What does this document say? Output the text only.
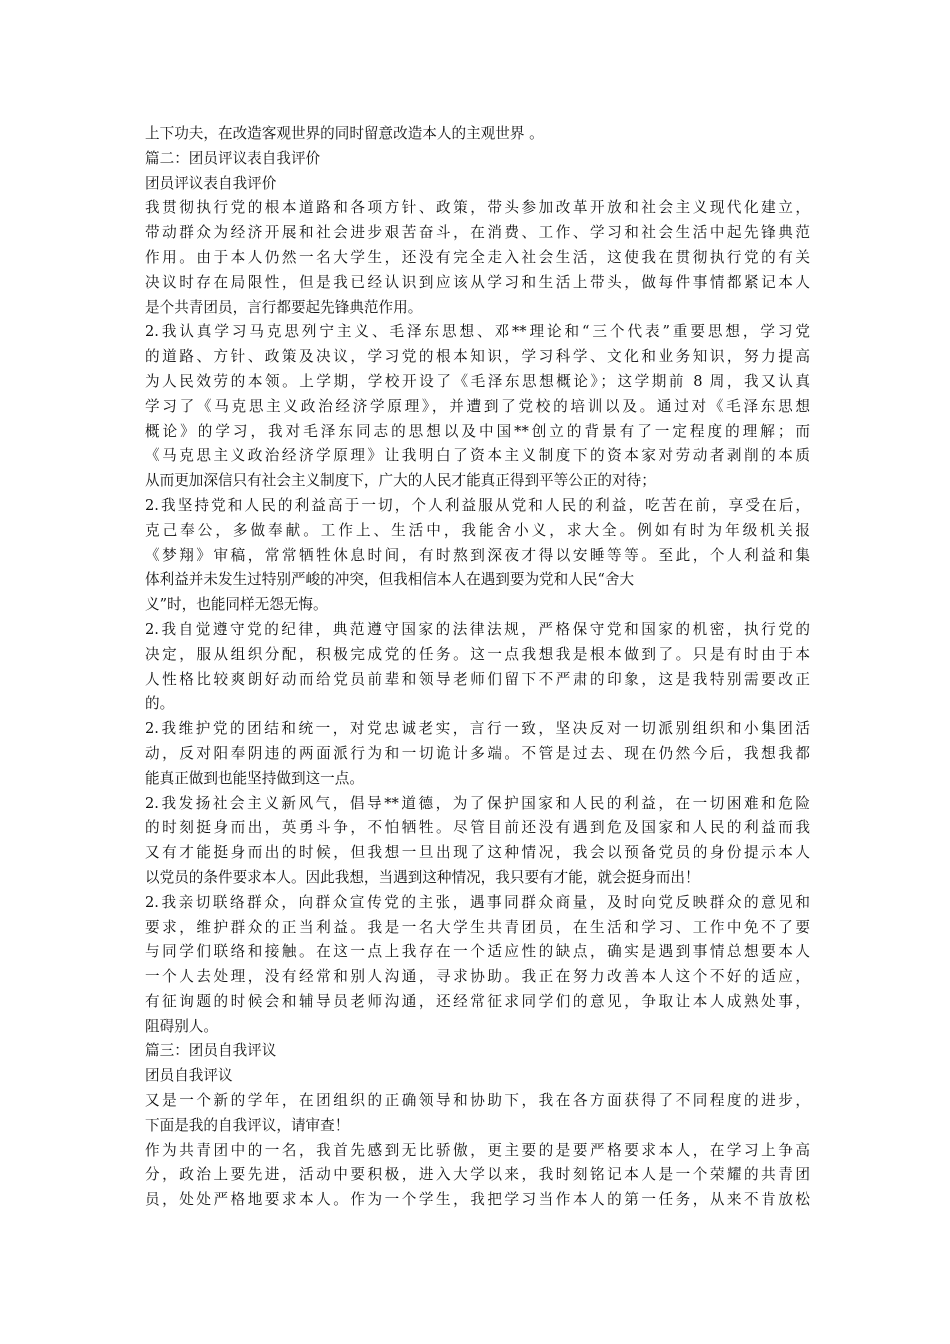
上下功夫，在改造客观世界的同时留意改造本人的主观世界 。
篇二：团员评议表自我评价
团员评议表自我评价
我贯彻执行党的根本道路和各项方针、政策，带头参加改革开放和社会主义现代化建立，
带动群众为经济开展和社会进步艰苦奋斗，在消费、工作、学习和社会生活中起先锋典范
作用。由于本人仍然一名大学生，还没有完全走入社会生活，这使我在贯彻执行党的有关
决议时存在局限性，但是我已经认识到应该从学习和生活上带头，做每件事情都紧记本人
是个共青团员，言行都要起先锋典范作用。
2.我认真学习马克思列宁主义、毛泽东思想、邓**理论和“三个代表”重要思想，学习党
的道路、方针、政策及决议，学习党的根本知识，学习科学、文化和业务知识，努力提高
为人民效劳的本领。上学期，学校开设了《毛泽东思想概论》；这学期前 8 周，我又认真
学习了《马克思主义政治经济学原理》，并遭到了党校的培训以及。通过对《毛泽东思想
概论》的学习，我对毛泽东同志的思想以及中国**创立的背景有了一定程度的理解；而
《马克思主义政治经济学原理》让我明白了资本主义制度下的资本家对劳动者剥削的本质
从而更加深信只有社会主义制度下，广大的人民才能真正得到平等公正的对待；
2.我坚持党和人民的利益高于一切，个人利益服从党和人民的利益，吃苦在前，享受在后，
克己奉公，多做奉献。工作上、生活中，我能舍小义，求大全。例如有时为年级机关报
《梦翔》审稿，常常牺牲休息时间，有时熬到深夜才得以安睡等等。至此，个人利益和集
体利益并未发生过特别严峻的冲突，但我相信本人在遇到要为党和人民“舍大
义”时，也能同样无怨无悔。
2.我自觉遵守党的纪律，典范遵守国家的法律法规，严格保守党和国家的机密，执行党的
决定，服从组织分配，积极完成党的任务。这一点我想我是根本做到了。只是有时由于本
人性格比较爽朗好动而给党员前辈和领导老师们留下不严肃的印象，这是我特别需要改正
的。
2.我维护党的团结和统一，对党忠诚老实，言行一致，坚决反对一切派别组织和小集团活
动，反对阳奉阴违的两面派行为和一切诡计多端。不管是过去、现在仍然今后，我想我都
能真正做到也能坚持做到这一点。
2.我发扬社会主义新风气，倡导**道德，为了保护国家和人民的利益，在一切困难和危险
的时刻挺身而出，英勇斗争，不怕牺牲。尽管目前还没有遇到危及国家和人民的利益而我
又有才能挺身而出的时候，但我想一旦出现了这种情况，我会以预备党员的身份提示本人
以党员的条件要求本人。因此我想，当遇到这种情况，我只要有才能，就会挺身而出！
2.我亲切联络群众，向群众宣传党的主张，遇事同群众商量，及时向党反映群众的意见和
要求，维护群众的正当利益。我是一名大学生共青团员，在生活和学习、工作中免不了要
与同学们联络和接触。在这一点上我存在一个适应性的缺点，确实是遇到事情总想要本人
一个人去处理，没有经常和别人沟通，寻求协助。我正在努力改善本人这个不好的适应，
有征询题的时候会和辅导员老师沟通，还经常征求同学们的意见，争取让本人成熟处事，
阻碍别人。
篇三：团员自我评议
团员自我评议
又是一个新的学年，在团组织的正确领导和协助下，我在各方面获得了不同程度的进步，
下面是我的自我评议，请审查！
作为共青团中的一名，我首先感到无比骄傲，更主要的是要严格要求本人，在学习上争高
分，政治上要先进，活动中要积极，进入大学以来，我时刻铭记本人是一个荣耀的共青团
员，处处严格地要求本人。作为一个学生，我把学习当作本人的第一任务，从来不肯放松
